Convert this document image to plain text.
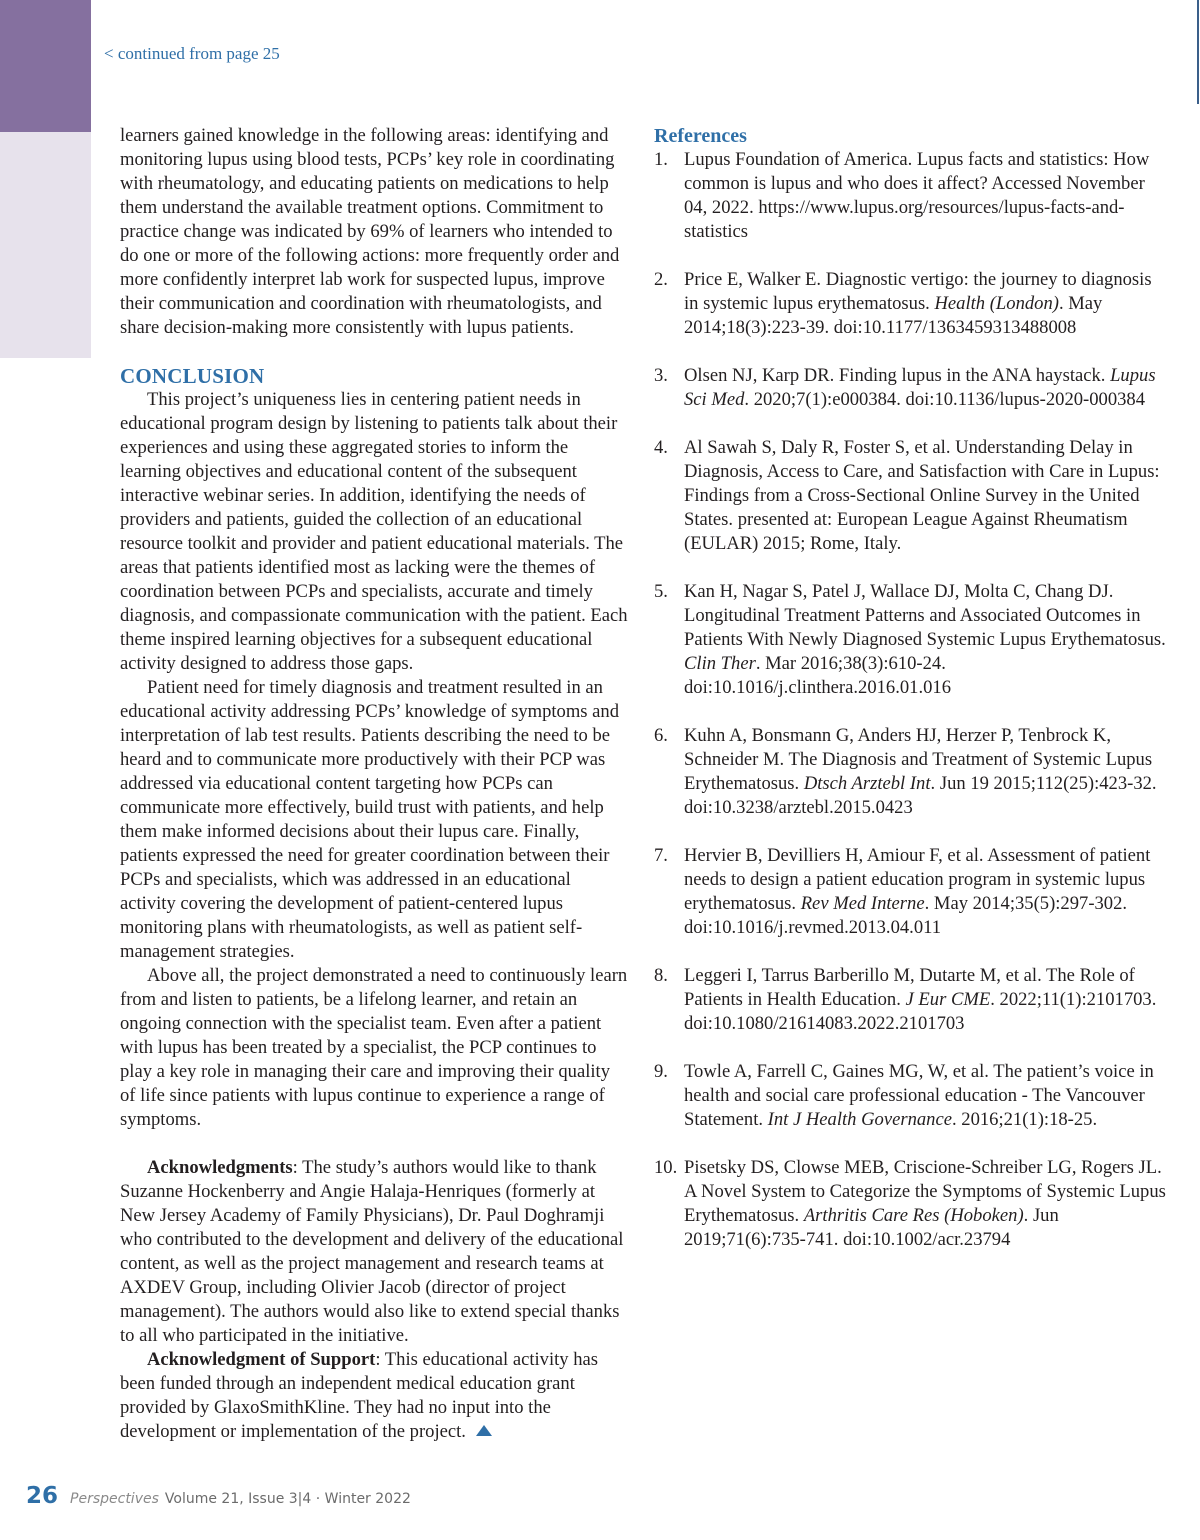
< continued from page 25

learners gained knowledge in the following areas: identifying and monitoring lupus using blood tests, PCPs’ key role in coordinating with rheumatology, and educating patients on medications to help them understand the available treatment options. Commitment to practice change was indicated by 69% of learners who intended to do one or more of the following actions: more frequently order and more confidently interpret lab work for suspected lupus, improve their communication and coordination with rheumatologists, and share decision-making more consistently with lupus patients.

CONCLUSION

This project’s uniqueness lies in centering patient needs in educational program design by listening to patients talk about their experiences and using these aggregated stories to inform the learning objectives and educational content of the subsequent interactive webinar series. In addition, identifying the needs of providers and patients, guided the collection of an educational resource toolkit and provider and patient educational materials. The areas that patients identified most as lacking were the themes of coordination between PCPs and specialists, accurate and timely diagnosis, and compassionate communication with the patient. Each theme inspired learning objectives for a subsequent educational activity designed to address those gaps.

Patient need for timely diagnosis and treatment resulted in an educational activity addressing PCPs’ knowledge of symptoms and interpretation of lab test results. Patients describing the need to be heard and to communicate more productively with their PCP was addressed via educational content targeting how PCPs can communicate more effectively, build trust with patients, and help them make informed decisions about their lupus care. Finally, patients expressed the need for greater coordination between their PCPs and specialists, which was addressed in an educational activity covering the development of patient-centered lupus monitoring plans with rheumatologists, as well as patient self-management strategies.

Above all, the project demonstrated a need to continuously learn from and listen to patients, be a lifelong learner, and retain an ongoing connection with the specialist team. Even after a patient with lupus has been treated by a specialist, the PCP continues to play a key role in managing their care and improving their quality of life since patients with lupus continue to experience a range of symptoms.

Acknowledgments: The study’s authors would like to thank Suzanne Hockenberry and Angie Halaja-Henriques (formerly at New Jersey Academy of Family Physicians), Dr. Paul Doghramji who contributed to the development and delivery of the educational content, as well as the project management and research teams at AXDEV Group, including Olivier Jacob (director of project management). The authors would also like to extend special thanks to all who participated in the initiative.

Acknowledgment of Support: This educational activity has been funded through an independent medical education grant provided by GlaxoSmithKline. They had no input into the development or implementation of the project.

References
1. Lupus Foundation of America. Lupus facts and statistics: How common is lupus and who does it affect? Accessed November 04, 2022. https://www.lupus.org/resources/lupus-facts-and-statistics
2. Price E, Walker E. Diagnostic vertigo: the journey to diagnosis in systemic lupus erythematosus. Health (London). May 2014;18(3):223-39. doi:10.1177/1363459313488008
3. Olsen NJ, Karp DR. Finding lupus in the ANA haystack. Lupus Sci Med. 2020;7(1):e000384. doi:10.1136/lupus-2020-000384
4. Al Sawah S, Daly R, Foster S, et al. Understanding Delay in Diagnosis, Access to Care, and Satisfaction with Care in Lupus: Findings from a Cross-Sectional Online Survey in the United States. presented at: European League Against Rheumatism (EULAR) 2015; Rome, Italy.
5. Kan H, Nagar S, Patel J, Wallace DJ, Molta C, Chang DJ. Longitudinal Treatment Patterns and Associated Outcomes in Patients With Newly Diagnosed Systemic Lupus Erythematosus. Clin Ther. Mar 2016;38(3):610-24. doi:10.1016/j.clinthera.2016.01.016
6. Kuhn A, Bonsmann G, Anders HJ, Herzer P, Tenbrock K, Schneider M. The Diagnosis and Treatment of Systemic Lupus Erythematosus. Dtsch Arztebl Int. Jun 19 2015;112(25):423-32. doi:10.3238/arztebl.2015.0423
7. Hervier B, Devilliers H, Amiour F, et al. Assessment of patient needs to design a patient education program in systemic lupus erythematosus. Rev Med Interne. May 2014;35(5):297-302. doi:10.1016/j.revmed.2013.04.011
8. Leggeri I, Tarrus Barberillo M, Dutarte M, et al. The Role of Patients in Health Education. J Eur CME. 2022;11(1):2101703. doi:10.1080/21614083.2022.2101703
9. Towle A, Farrell C, Gaines MG, W, et al. The patient’s voice in health and social care professional education - The Vancouver Statement. Int J Health Governance. 2016;21(1):18-25.
10. Pisetsky DS, Clowse MEB, Criscione-Schreiber LG, Rogers JL. A Novel System to Categorize the Symptoms of Systemic Lupus Erythematosus. Arthritis Care Res (Hoboken). Jun 2019;71(6):735-741. doi:10.1002/acr.23794
26 Perspectives Volume 21, Issue 3|4 · Winter 2022
